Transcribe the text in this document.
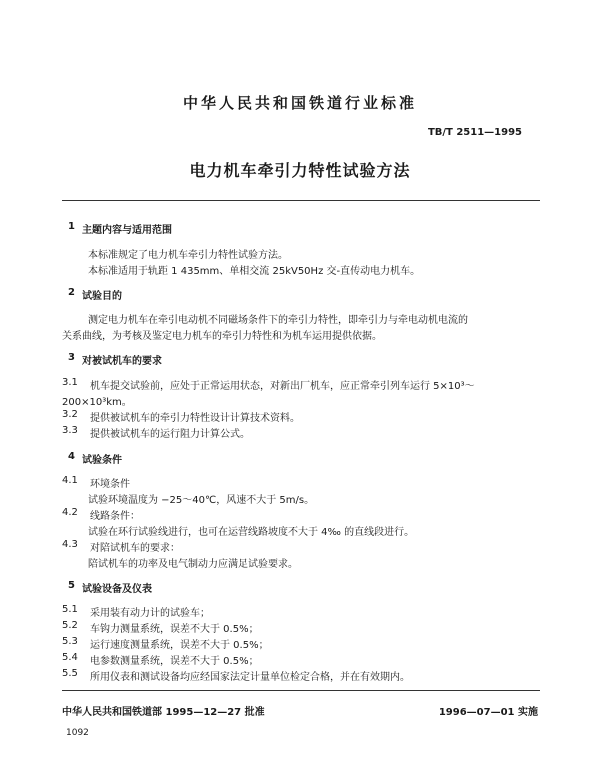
中华人民共和国铁道行业标准
TB/T 2511—1995
电力机车牵引力特性试验方法
1 主题内容与适用范围
本标准规定了电力机车牵引力特性试验方法。
本标准适用于轨距 1 435mm、单相交流 25kV50Hz 交-直传动电力机车。
2 试验目的
测定电力机车在牵引电动机不同磁场条件下的牵引力特性，即牵引力与牵电动机电流的
关系曲线，为考核及鉴定电力机车的牵引力特性和为机车运用提供依据。
3 对被试机车的要求
3.1 机车提交试验前，应处于正常运用状态，对新出厂机车，应正常牵引列车运行 5×10³～
200×10³km。
3.2 提供被试机车的牵引力特性设计计算技术资料。
3.3 提供被试机车的运行阻力计算公式。
4 试验条件
4.1 环境条件
试验环境温度为 −25～40℃，风速不大于 5m/s。
4.2 线路条件：
试验在环行试验线进行，也可在运营线路坡度不大于 4‰ 的直线段进行。
4.3 对陪试机车的要求：
陪试机车的功率及电气制动力应满足试验要求。
5 试验设备及仪表
5.1 采用装有动力计的试验车；
5.2 车钩力测量系统，误差不大于 0.5%；
5.3 运行速度测量系统，误差不大于 0.5%；
5.4 电参数测量系统，误差不大于 0.5%；
5.5 所用仪表和测试设备均应经国家法定计量单位检定合格，并在有效期内。
中华人民共和国铁道部 1995—12—27 批准	1996—07—01 实施
1092
